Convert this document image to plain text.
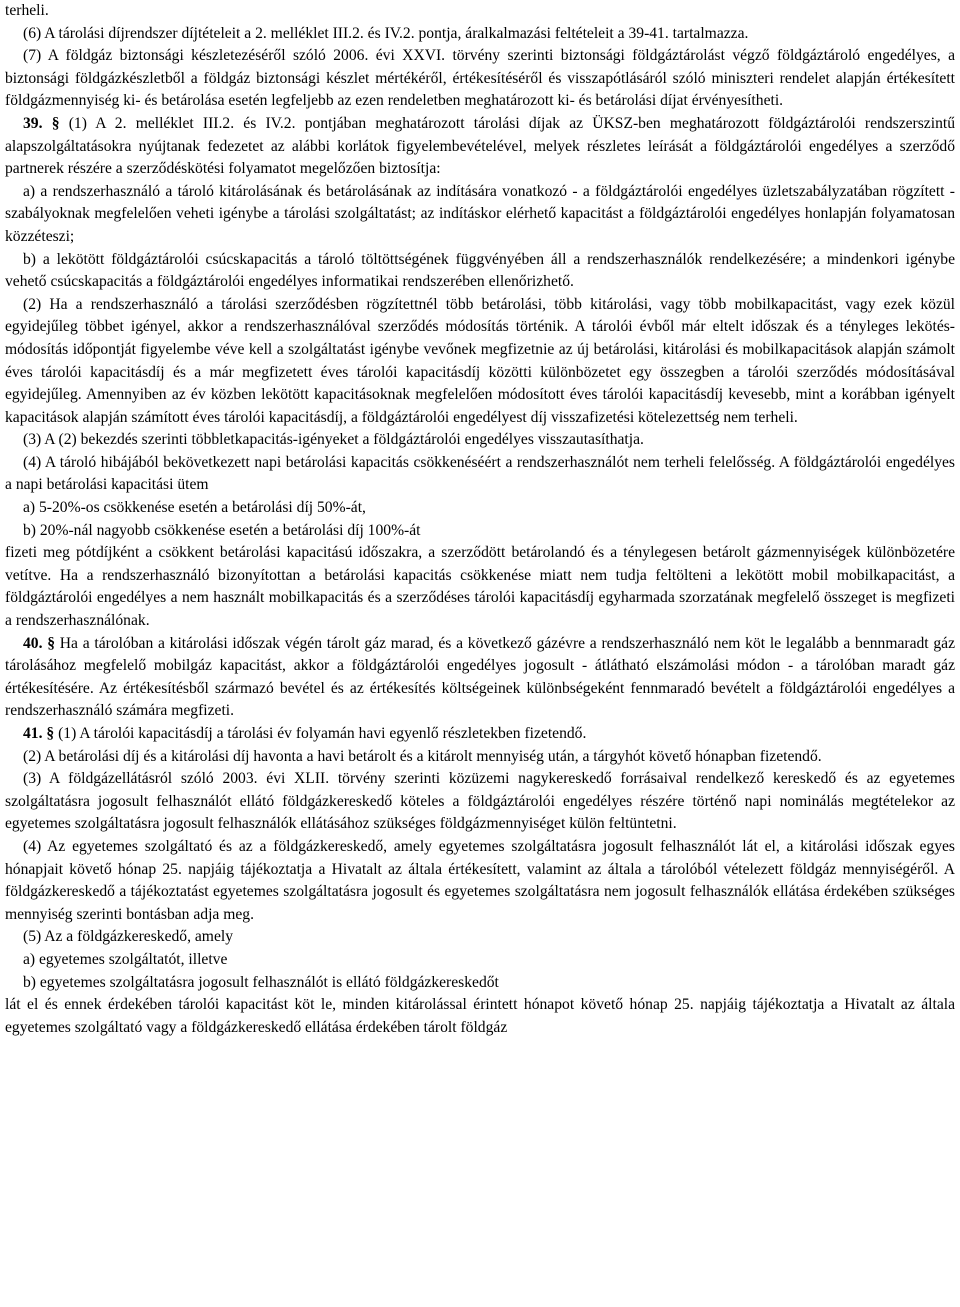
terheli.

(6) A tárolási díjrendszer díjtételeit a 2. melléklet III.2. és IV.2. pontja, áralkalmazási feltételeit a 39-41. tartalmazza.

(7) A földgáz biztonsági készletezéséről szóló 2006. évi XXVI. törvény szerinti biztonsági földgáztárolást végző földgáztároló engedélyes, a biztonsági földgázkészletből a földgáz biztonsági készlet mértékéről, értékesítéséről és visszapótlásáról szóló miniszteri rendelet alapján értékesített földgázmennyiség ki- és betárolása esetén legfeljebb az ezen rendeletben meghatározott ki- és betárolási díjat érvényesítheti.

39. § (1) A 2. melléklet III.2. és IV.2. pontjában meghatározott tárolási díjak az ÜKSZ-ben meghatározott földgáztárolói rendszerszintű alapszolgáltatásokra nyújtanak fedezetet az alábbi korlátok figyelembevételével, melyek részletes leírását a földgáztárolói engedélyes a szerződő partnerek részére a szerződéskötési folyamatot megelőzően biztosítja:

a) a rendszerhasználó a tároló kitárolásának és betárolásának az indítására vonatkozó - a földgáztárolói engedélyes üzletszabályzatában rögzített - szabályoknak megfelelően veheti igénybe a tárolási szolgáltatást; az indításkor elérhető kapacitást a földgáztárolói engedélyes honlapján folyamatosan közzéteszi;

b) a lekötött földgáztárolói csúcskapacitás a tároló töltöttségének függvényében áll a rendszerhasználók rendelkezésére; a mindenkori igénybe vehető csúcskapacitás a földgáztárolói engedélyes informatikai rendszerében ellenőrizhető.

(2) Ha a rendszerhasználó a tárolási szerződésben rögzítettnél több betárolási, több kitárolási, vagy több mobilkapacitást, vagy ezek közül egyidejűleg többet igényel, akkor a rendszerhasználóval szerződés módosítás történik. A tárolói évből már eltelt időszak és a tényleges lekötés-módosítás időpontját figyelembe véve kell a szolgáltatást igénybe vevőnek megfizetnie az új betárolási, kitárolási és mobilkapacitások alapján számolt éves tárolói kapacitásdíj és a már megfizetett éves tárolói kapacitásdíj közötti különbözetet egy összegben a tárolói szerződés módosításával egyidejűleg. Amennyiben az év közben lekötött kapacitásoknak megfelelően módosított éves tárolói kapacitásdíj kevesebb, mint a korábban igényelt kapacitások alapján számított éves tárolói kapacitásdíj, a földgáztárolói engedélyest díj visszafizetési kötelezettség nem terheli.

(3) A (2) bekezdés szerinti többletkapacitás-igényeket a földgáztárolói engedélyes visszautasíthatja.

(4) A tároló hibájából bekövetkezett napi betárolási kapacitás csökkenéséért a rendszerhasználót nem terheli felelősség. A földgáztárolói engedélyes a napi betárolási kapacitási ütem

a) 5-20%-os csökkenése esetén a betárolási díj 50%-át,

b) 20%-nál nagyobb csökkenése esetén a betárolási díj 100%-át

fizeti meg pótdíjként a csökkent betárolási kapacitású időszakra, a szerződött betárolandó és a ténylegesen betárolt gázmennyiségek különbözetére vetítve. Ha a rendszerhasználó bizonyítottan a betárolási kapacitás csökkenése miatt nem tudja feltölteni a lekötött mobil mobilkapacitást, a földgáztárolói engedélyes a nem használt mobilkapacitás és a szerződéses tárolói kapacitásdíj egyharmada szorzatának megfelelő összeget is megfizeti a rendszerhasználónak.

40. § Ha a tárolóban a kitárolási időszak végén tárolt gáz marad, és a következő gázévre a rendszerhasználó nem köt le legalább a bennmaradt gáz tárolásához megfelelő mobilgáz kapacitást, akkor a földgáztárolói engedélyes jogosult - átlátható elszámolási módon - a tárolóban maradt gáz értékesítésére. Az értékesítésből származó bevétel és az értékesítés költségeinek különbségeként fennmaradó bevételt a földgáztárolói engedélyes a rendszerhasználó számára megfizeti.

41. § (1) A tárolói kapacitásdíj a tárolási év folyamán havi egyenlő részletekben fizetendő.

(2) A betárolási díj és a kitárolási díj havonta a havi betárolt és a kitárolt mennyiség után, a tárgyhót követő hónapban fizetendő.

(3) A földgázellátásról szóló 2003. évi XLII. törvény szerinti közüzemi nagykereskedő forrásaival rendelkező kereskedő és az egyetemes szolgáltatásra jogosult felhasználót ellátó földgázkereskedő köteles a földgáztárolói engedélyes részére történő napi nominálás megtételekor az egyetemes szolgáltatásra jogosult felhasználók ellátásához szükséges földgázmennyiséget külön feltüntetni.

(4) Az egyetemes szolgáltató és az a földgázkereskedő, amely egyetemes szolgáltatásra jogosult felhasználót lát el, a kitárolási időszak egyes hónapjait követő hónap 25. napjáig tájékoztatja a Hivatalt az általa értékesített, valamint az általa a tárolóból vételezett földgáz mennyiségéről. A földgázkereskedő a tájékoztatást egyetemes szolgáltatásra jogosult és egyetemes szolgáltatásra nem jogosult felhasználók ellátása érdekében szükséges mennyiség szerinti bontásban adja meg.

(5) Az a földgázkereskedő, amely

a) egyetemes szolgáltatót, illetve

b) egyetemes szolgáltatásra jogosult felhasználót is ellátó földgázkereskedőt

lát el és ennek érdekében tárolói kapacitást köt le, minden kitárolással érintett hónapot követő hónap 25. napjáig tájékoztatja a Hivatalt az általa egyetemes szolgáltató vagy a földgázkereskedő ellátása érdekében tárolt földgáz
